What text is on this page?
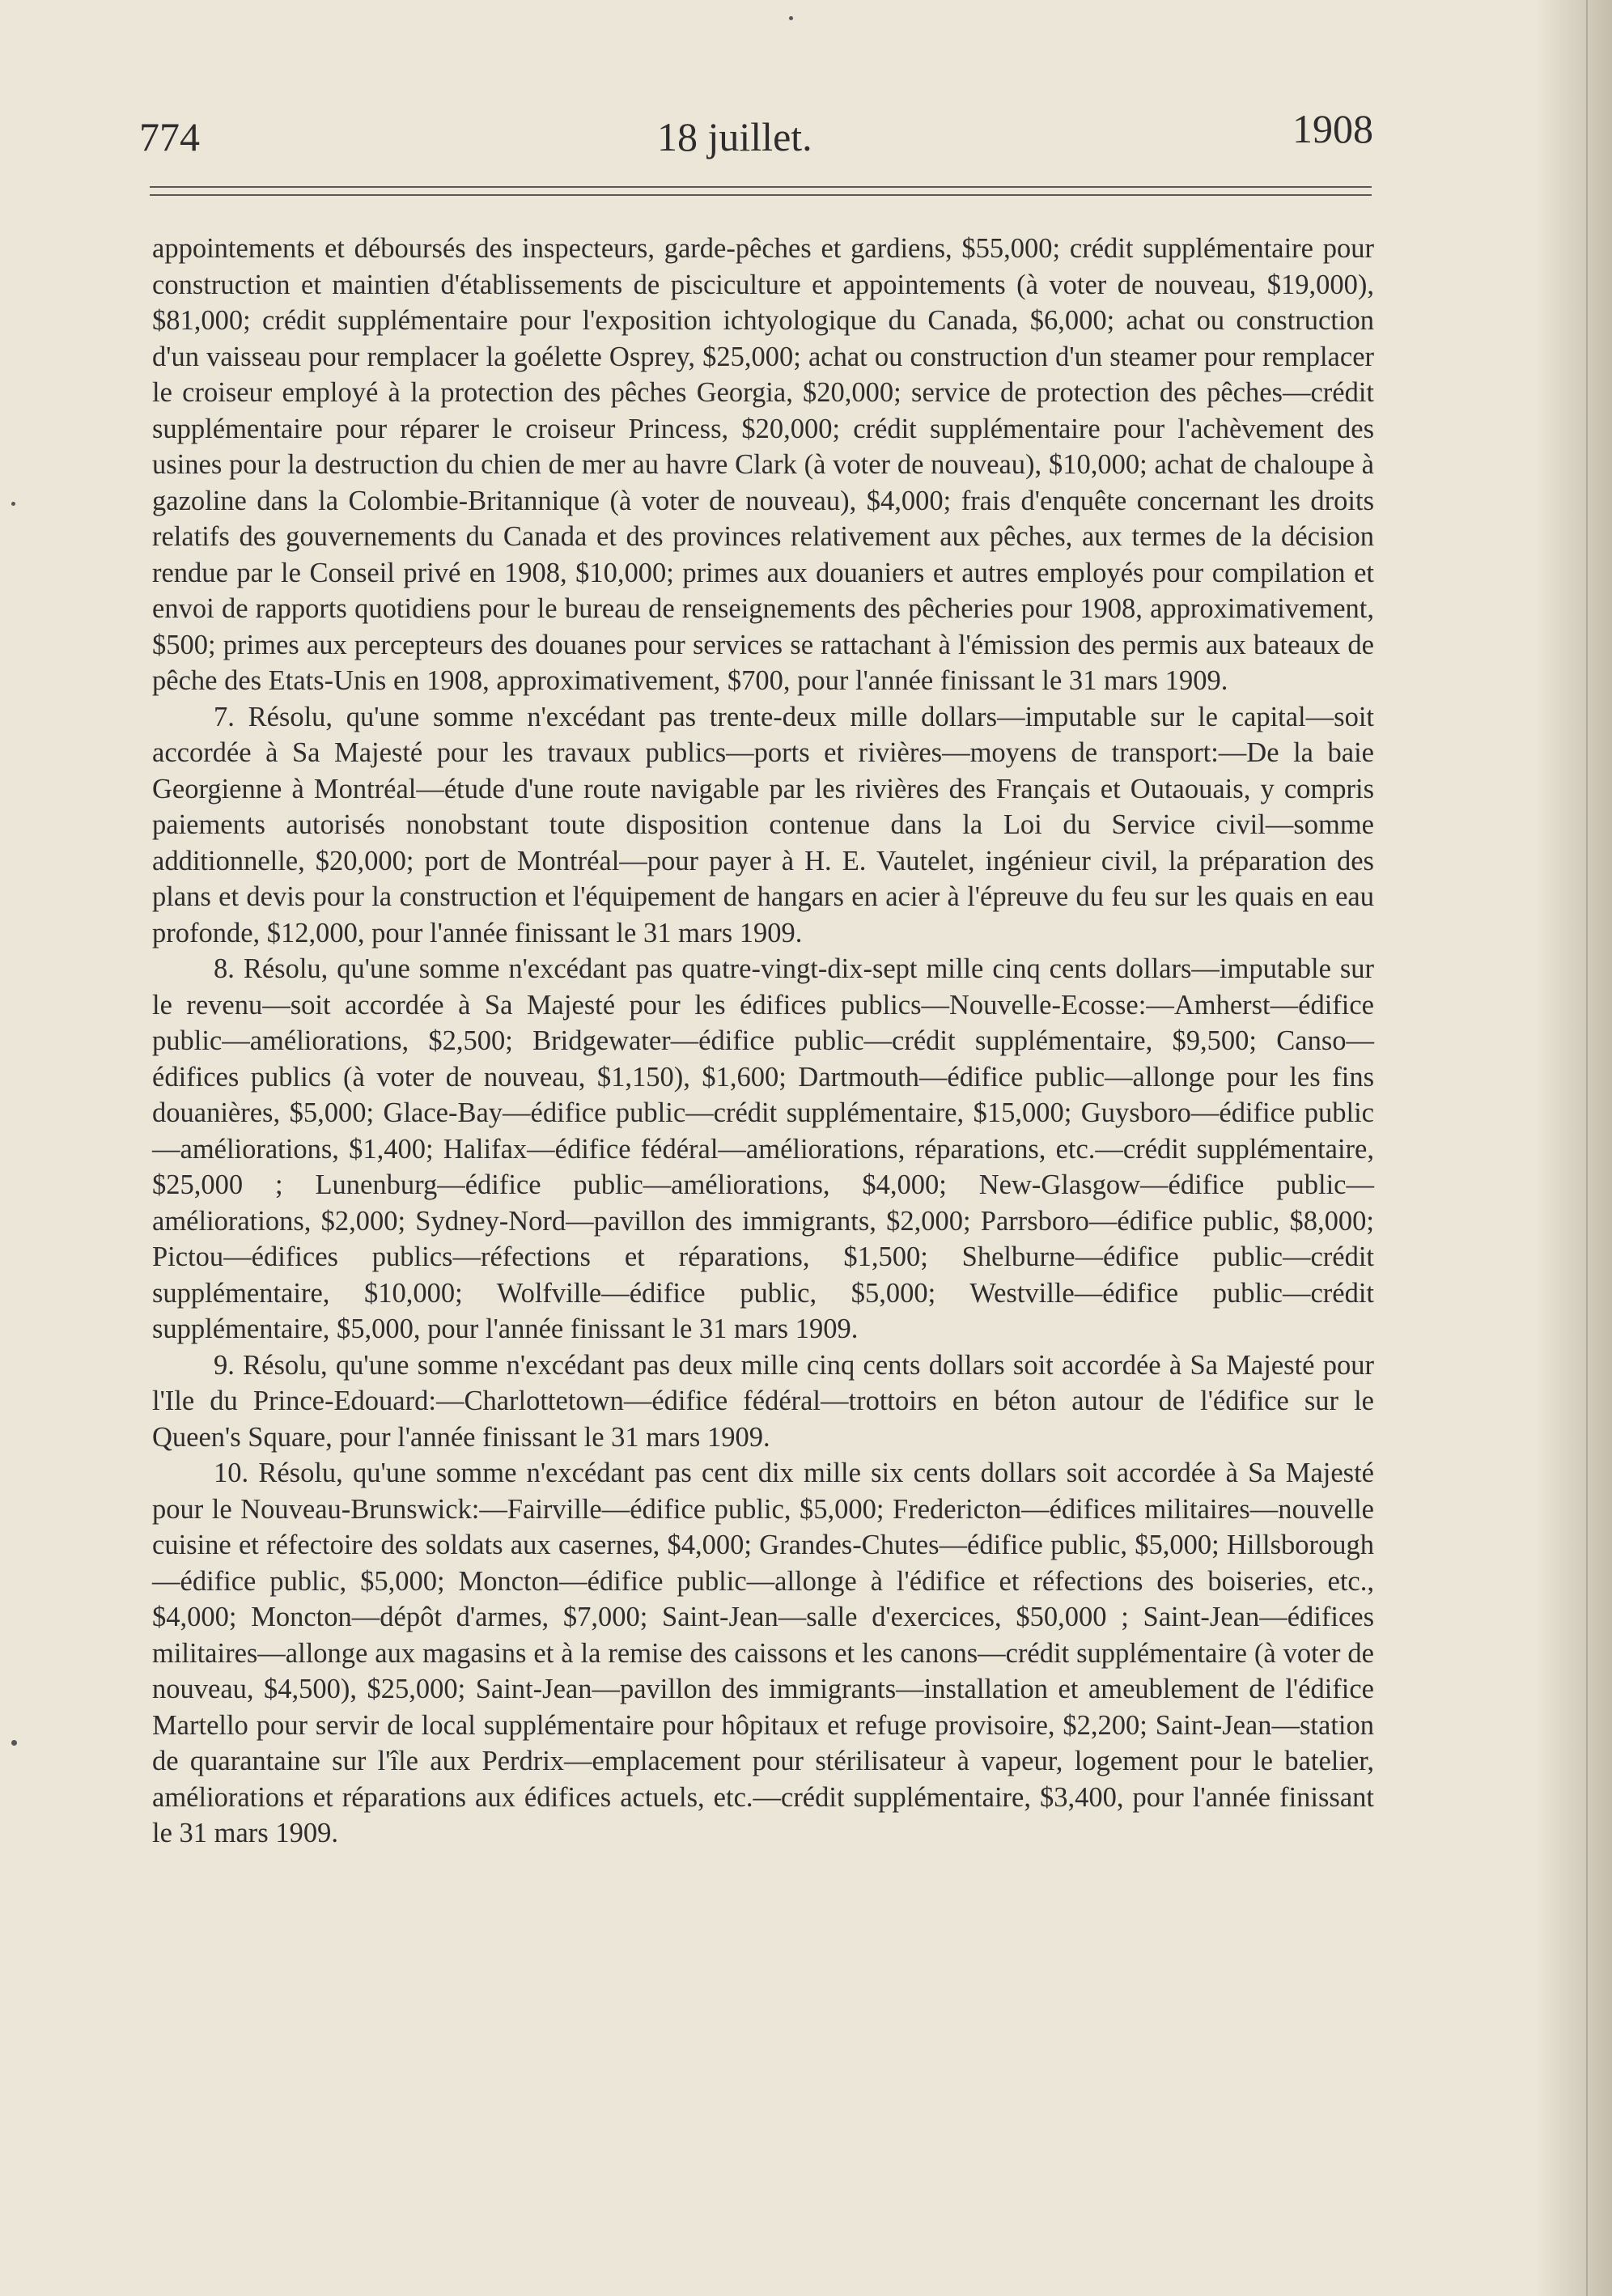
774	18 juillet.	1908

appointements et déboursés des inspecteurs, garde-pêches et gardiens, $55,000; crédit supplémentaire pour construction et maintien d'établissements de pisciculture et appointements (à voter de nouveau, $19,000), $81,000; crédit supplémentaire pour l'exposition ichtyologique du Canada, $6,000; achat ou construction d'un vaisseau pour remplacer la goélette Osprey, $25,000; achat ou construction d'un steamer pour remplacer le croiseur employé à la protection des pêches Georgia, $20,000; service de protection des pêches—crédit supplémentaire pour réparer le croiseur Princess, $20,000; crédit supplémentaire pour l'achèvement des usines pour la destruction du chien de mer au havre Clark (à voter de nouveau), $10,000; achat de chaloupe à gazoline dans la Colombie-Britannique (à voter de nouveau), $4,000; frais d'enquête concernant les droits relatifs des gouvernements du Canada et des provinces relativement aux pêches, aux termes de la décision rendue par le Conseil privé en 1908, $10,000; primes aux douaniers et autres employés pour compilation et envoi de rapports quotidiens pour le bureau de renseignements des pêcheries pour 1908, approximativement, $500; primes aux percepteurs des douanes pour services se rattachant à l'émission des permis aux bateaux de pêche des Etats-Unis en 1908, approximativement, $700, pour l'année finissant le 31 mars 1909.

7. Résolu, qu'une somme n'excédant pas trente-deux mille dollars—imputable sur le capital—soit accordée à Sa Majesté pour les travaux publics—ports et rivières—moyens de transport:—De la baie Georgienne à Montréal—étude d'une route navigable par les rivières des Français et Outaouais, y compris paiements autorisés nonobstant toute disposition contenue dans la Loi du Service civil—somme additionnelle, $20,000; port de Montréal—pour payer à H. E. Vautelet, ingénieur civil, la préparation des plans et devis pour la construction et l'équipement de hangars en acier à l'épreuve du feu sur les quais en eau profonde, $12,000, pour l'année finissant le 31 mars 1909.

8. Résolu, qu'une somme n'excédant pas quatre-vingt-dix-sept mille cinq cents dollars—imputable sur le revenu—soit accordée à Sa Majesté pour les édifices publics—Nouvelle-Ecosse:—Amherst—édifice public—améliorations, $2,500; Bridgewater—édifice public—crédit supplémentaire, $9,500; Canso—édifices publics (à voter de nouveau, $1,150), $1,600; Dartmouth—édifice public—allonge pour les fins douanières, $5,000; Glace-Bay—édifice public—crédit supplémentaire, $15,000; Guysboro—édifice public—améliorations, $1,400; Halifax—édifice fédéral—améliorations, réparations, etc.—crédit supplémentaire, $25,000 ; Lunenburg—édifice public—améliorations, $4,000; New-Glasgow—édifice public—améliorations, $2,000; Sydney-Nord—pavillon des immigrants, $2,000; Parrsboro—édifice public, $8,000; Pictou—édifices publics—réfections et réparations, $1,500; Shelburne—édifice public—crédit supplémentaire, $10,000; Wolfville—édifice public, $5,000; Westville—édifice public—crédit supplémentaire, $5,000, pour l'année finissant le 31 mars 1909.

9. Résolu, qu'une somme n'excédant pas deux mille cinq cents dollars soit accordée à Sa Majesté pour l'Ile du Prince-Edouard:—Charlottetown—édifice fédéral—trottoirs en béton autour de l'édifice sur le Queen's Square, pour l'année finissant le 31 mars 1909.

10. Résolu, qu'une somme n'excédant pas cent dix mille six cents dollars soit accordée à Sa Majesté pour le Nouveau-Brunswick:—Fairville—édifice public, $5,000; Fredericton—édifices militaires—nouvelle cuisine et réfectoire des soldats aux casernes, $4,000; Grandes-Chutes—édifice public, $5,000; Hillsborough—édifice public, $5,000; Moncton—édifice public—allonge à l'édifice et réfections des boiseries, etc., $4,000; Moncton—dépôt d'armes, $7,000; Saint-Jean—salle d'exercices, $50,000 ; Saint-Jean—édifices militaires—allonge aux magasins et à la remise des caissons et les canons—crédit supplémentaire (à voter de nouveau, $4,500), $25,000; Saint-Jean—pavillon des immigrants—installation et ameublement de l'édifice Martello pour servir de local supplémentaire pour hôpitaux et refuge provisoire, $2,200; Saint-Jean—station de quarantaine sur l'île aux Perdrix—emplacement pour stérilisateur à vapeur, logement pour le batelier, améliorations et réparations aux édifices actuels, etc.—crédit supplémentaire, $3,400, pour l'année finissant le 31 mars 1909.
